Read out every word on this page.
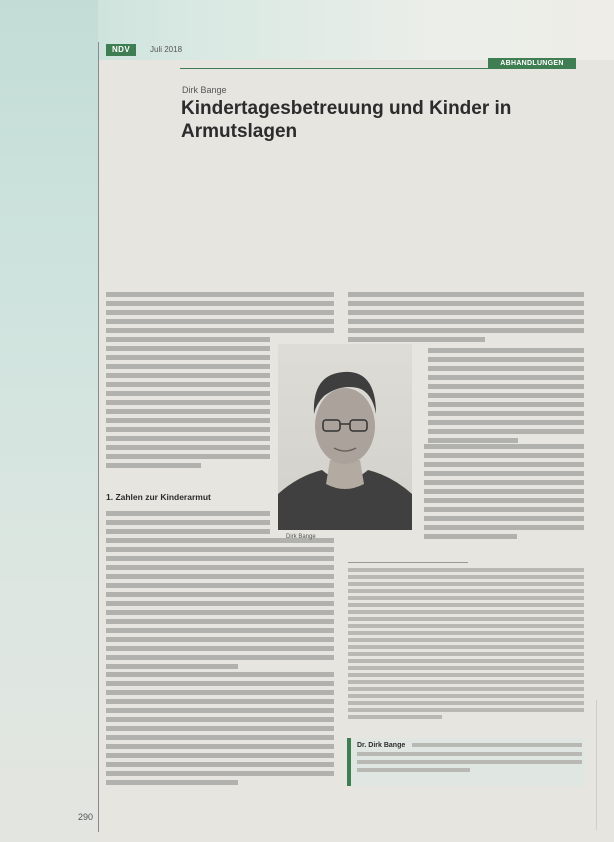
NDV	Juli 2018
ABHANDLUNGEN
Dirk Bange
Kindertagesbetreuung und Kinder in Armutslagen
1. Zahlen zur Kinderarmut
Dirk Bange
Dr. Dirk Bange
290
